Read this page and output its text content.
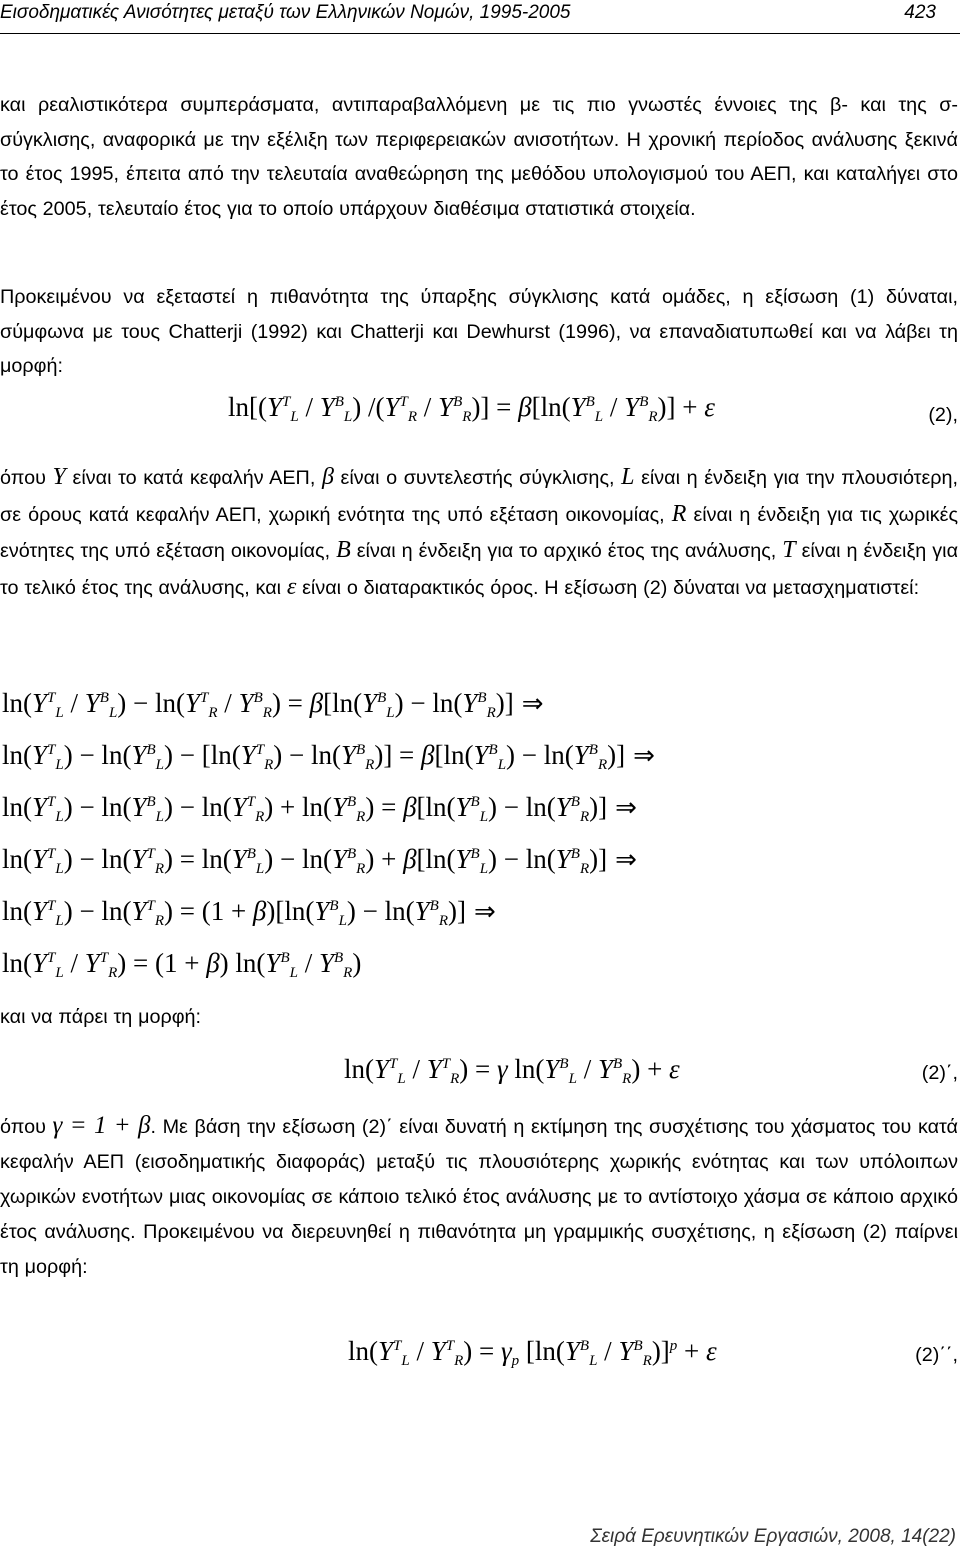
Εισοδηματικές Ανισότητες μεταξύ των Ελληνικών Νομών, 1995-2005	423
και ρεαλιστικότερα συμπεράσματα, αντιπαραβαλλόμενη με τις πιο γνωστές έννοιες της β- και της σ-σύγκλισης, αναφορικά με την εξέλιξη των περιφερειακών ανισοτήτων. Η χρονική περίοδος ανάλυσης ξεκινά το έτος 1995, έπειτα από την τελευταία αναθεώρηση της μεθόδου υπολογισμού του ΑΕΠ, και καταλήγει στο έτος 2005, τελευταίο έτος για το οποίο υπάρχουν διαθέσιμα στατιστικά στοιχεία.
Προκειμένου να εξεταστεί η πιθανότητα της ύπαρξης σύγκλισης κατά ομάδες, η εξίσωση (1) δύναται, σύμφωνα με τους Chatterji (1992) και Chatterji και Dewhurst (1996), να επαναδιατυπωθεί και να λάβει τη μορφή:
$\ln[(Y^T_L / Y^B_L)$ $/(Y^T_R / Y^B_R)] = \beta[\ln(Y^B_L / Y^B_R)] + \varepsilon$	(2),
όπου Y είναι το κατά κεφαλήν ΑΕΠ, β είναι ο συντελεστής σύγκλισης, L είναι η ένδειξη για την πλουσιότερη, σε όρους κατά κεφαλήν ΑΕΠ, χωρική ενότητα της υπό εξέταση οικονομίας, R είναι η ένδειξη για τις χωρικές ενότητες της υπό εξέταση οικονομίας, B είναι η ένδειξη για το αρχικό έτος της ανάλυσης, T είναι η ένδειξη για το τελικό έτος της ανάλυσης, και ε είναι ο διαταρακτικός όρος. Η εξίσωση (2) δύναται να μετασχηματιστεί:
$\ln(Y^T_L / Y^B_L) - \ln(Y^T_R / Y^B_R) = \beta[\ln(Y^B_L) - \ln(Y^B_R)]$ ⇒
$\ln(Y^T_L) - \ln(Y^B_L) - [\ln(Y^T_R) - \ln(Y^B_R)] = \beta[\ln(Y^B_L) - \ln(Y^B_R)]$ ⇒
$\ln(Y^T_L) - \ln(Y^B_L) - \ln(Y^T_R) + \ln(Y^B_R) = \beta[\ln(Y^B_L) - \ln(Y^B_R)]$ ⇒
$\ln(Y^T_L) - \ln(Y^T_R) = \ln(Y^B_L) - \ln(Y^B_R) + \beta[\ln(Y^B_L) - \ln(Y^B_R)]$ ⇒
$\ln(Y^T_L) - \ln(Y^T_R) = (1 + \beta)[\ln(Y^B_L) - \ln(Y^B_R)]$ ⇒
$\ln(Y^T_L / Y^T_R) = (1 + \beta)$ $\ln(Y^B_L / Y^B_R)$
και να πάρει τη μορφή:
$\ln(Y^T_L / Y^T_R) = \gamma$ $\ln(Y^B_L / Y^B_R) + \varepsilon$	(2)΄,
όπου γ = 1 + β. Με βάση την εξίσωση (2)΄ είναι δυνατή η εκτίμηση της συσχέτισης του χάσματος του κατά κεφαλήν ΑΕΠ (εισοδηματικής διαφοράς) μεταξύ τις πλουσιότερης χωρικής ενότητας και των υπόλοιπων χωρικών ενοτήτων μιας οικονομίας σε κάποιο τελικό έτος ανάλυσης με το αντίστοιχο χάσμα σε κάποιο αρχικό έτος ανάλυσης. Προκειμένου να διερευνηθεί η πιθανότητα μη γραμμικής συσχέτισης, η εξίσωση (2) παίρνει τη μορφή:
$\ln(Y^T_L / Y^T_R) = \gamma_p$ $[\ln(Y^B_L / Y^B_R)]^p + \varepsilon$	(2)΄΄,
Σειρά Ερευνητικών Εργασιών, 2008, 14(22)
